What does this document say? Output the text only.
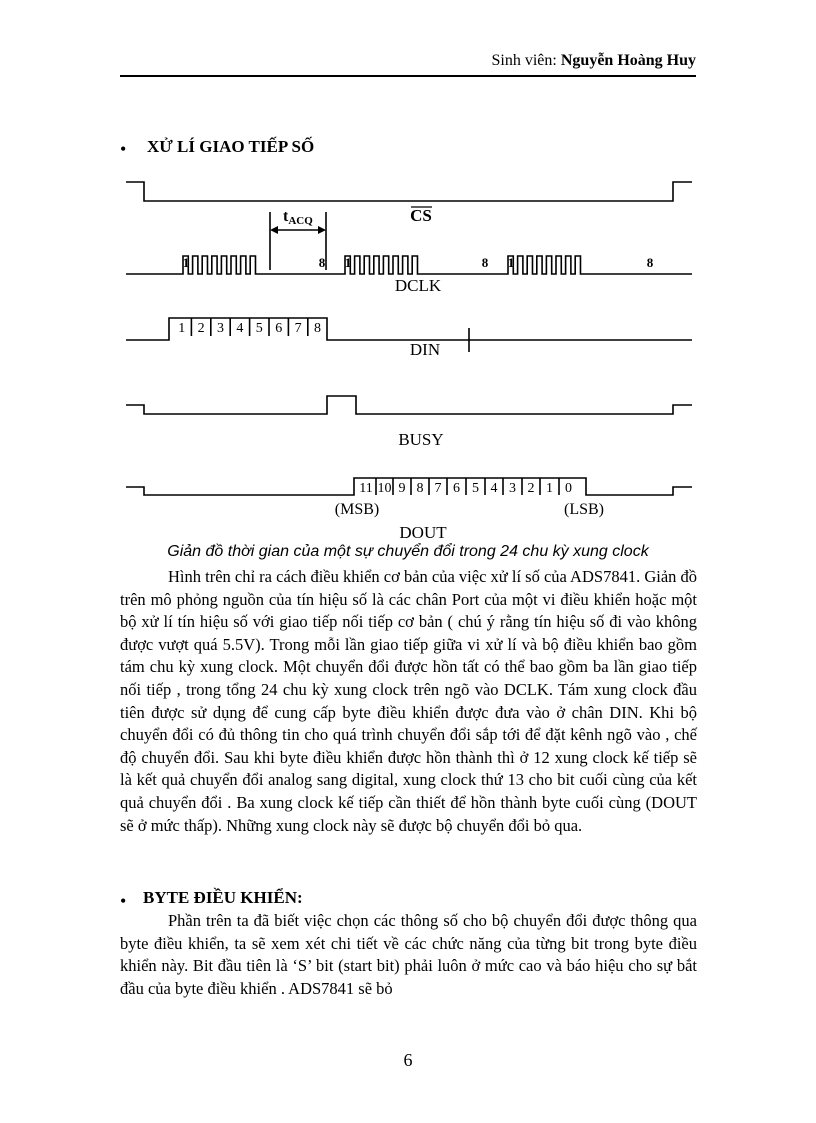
Sinh viên: Nguyễn Hoàng Huy
• XỬ LÍ GIAO TIẾP SỐ
tACQ	CS
1	8 1	8 1	8
DCLK
DIN
BUSY
1 2 3 4 5 6 7 8
11 10 9 8 7 6 5 4 3 2 1 0
(MSB)	(LSB)
DOUT
Giản đồ thời gian của một sự chuyển đổi trong 24 chu kỳ xung clock

Hình trên chỉ ra cách điều khiển cơ bản của việc xử lí số của ADS7841. Giản đồ trên mô phỏng nguồn của tín hiệu số là các chân Port của một vi điều khiển hoặc một bộ xử lí tín hiệu số với giao tiếp nối tiếp cơ bản ( chú ý rằng tín hiệu số đi vào không được vượt quá 5.5V). Trong mỗi lần giao tiếp giữa vi xử lí và bộ điều khiển bao gồm tám chu kỳ xung clock. Một chuyển đổi được hồn tất có thể bao gồm ba lần giao tiếp nối tiếp , trong tổng 24 chu kỳ xung clock trên ngõ vào DCLK. Tám xung clock đầu tiên được sử dụng để cung cấp byte điều khiển được đưa vào ở chân DIN. Khi bộ chuyển đổi có đủ thông tin cho quá trình chuyển đổi sắp tới để đặt kênh ngõ vào , chế độ chuyển đổi. Sau khi byte điều khiển được hồn thành thì ở 12 xung clock kế tiếp sẽ là kết quả chuyển đổi analog sang digital, xung clock thứ 13 cho bit cuối cùng của kết quả chuyển đổi . Ba xung clock kế tiếp cần thiết để hồn thành byte cuối cùng (DOUT sẽ ở mức thấp). Những xung clock này sẽ được bộ chuyển đổi bỏ qua.

• BYTE ĐIỀU KHIỂN:

Phần trên ta đã biết việc chọn các thông số cho bộ chuyển đổi được thông qua byte điều khiển, ta sẽ xem xét chi tiết về các chức năng của từng bit trong byte điều khiển này. Bit đầu tiên là ‘S’ bit (start bit) phải luôn ở mức cao và báo hiệu cho sự bắt đầu của byte điều khiển . ADS7841 sẽ bỏ

6
